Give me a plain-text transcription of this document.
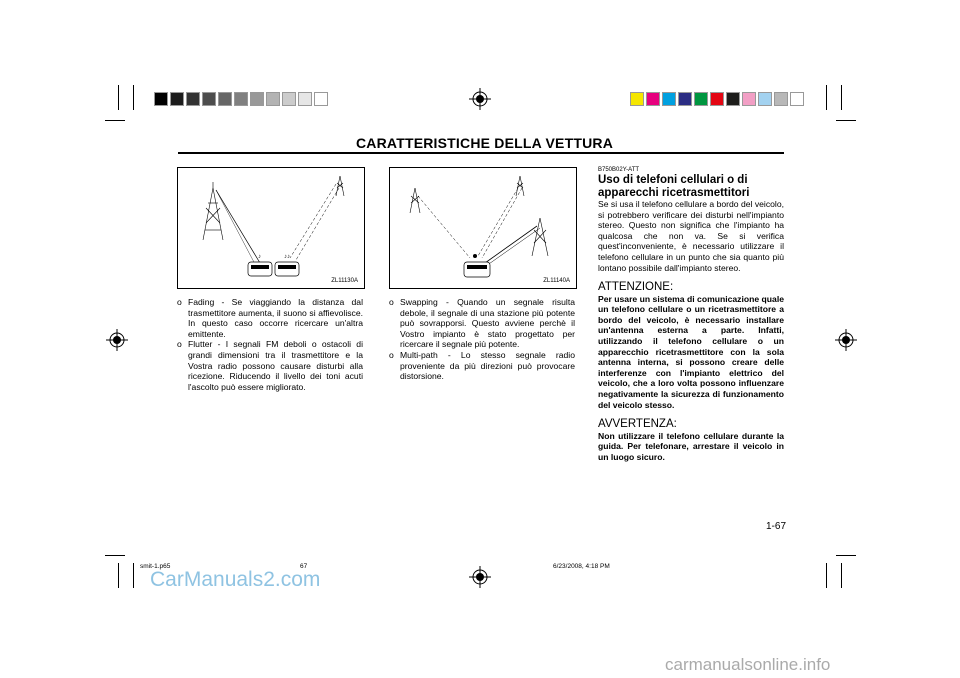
CARATTERISTICHE DELLA VETTURA
♪	♪♪
ZL11130A	ZL11140A

o Fading - Se viaggiando la distanza dal trasmettitore aumenta, il suono si affievolisce. In questo caso occorre ricercare un'altra emittente.

o Flutter - I segnali FM deboli o ostacoli di grandi dimensioni tra il trasmettitore e la Vostra radio possono causare disturbi alla ricezione. Riducendo il livello dei toni acuti l'ascolto può essere migliorato.

o Swapping - Quando un segnale risulta debole, il segnale di una stazione più potente può sovrapporsi. Questo avviene perchè il Vostro impianto è stato progettato per ricercare il segnale più potente.

o Multi-path - Lo stesso segnale radio proveniente da più direzioni può provocare distorsione.

B750B02Y-ATT
Uso di telefoni cellulari o di apparecchi ricetrasmettitori
Se si usa il telefono cellulare a bordo del veicolo, si potrebbero verificare dei disturbi nell'impianto stereo. Questo non significa che l'impianto ha qualcosa che non va. Se si verifica quest'inconveniente, è necessario utilizzare il telefono cellulare in un punto che sia quanto più lontano possibile dall'impianto stereo.
ATTENZIONE:
Per usare un sistema di comunicazione quale un telefono cellulare o un ricetrasmettitore a bordo del veicolo, è necessario installare un'antenna esterna a parte. Infatti, utilizzando il telefono cellulare o un apparecchio ricetrasmettitore con la sola antenna interna, si possono creare delle interferenze con l'impianto elettrico del veicolo, che a loro volta possono influenzare negativamente la sicurezza di funzionamento del veicolo stesso.
AVVERTENZA:
Non utilizzare il telefono cellulare durante la guida. Per telefonare, arrestare il veicolo in un luogo sicuro.
1-67
smit-1.p65	67	6/23/2008, 4:18 PM
CarManuals2.com
carmanualsonline.info
